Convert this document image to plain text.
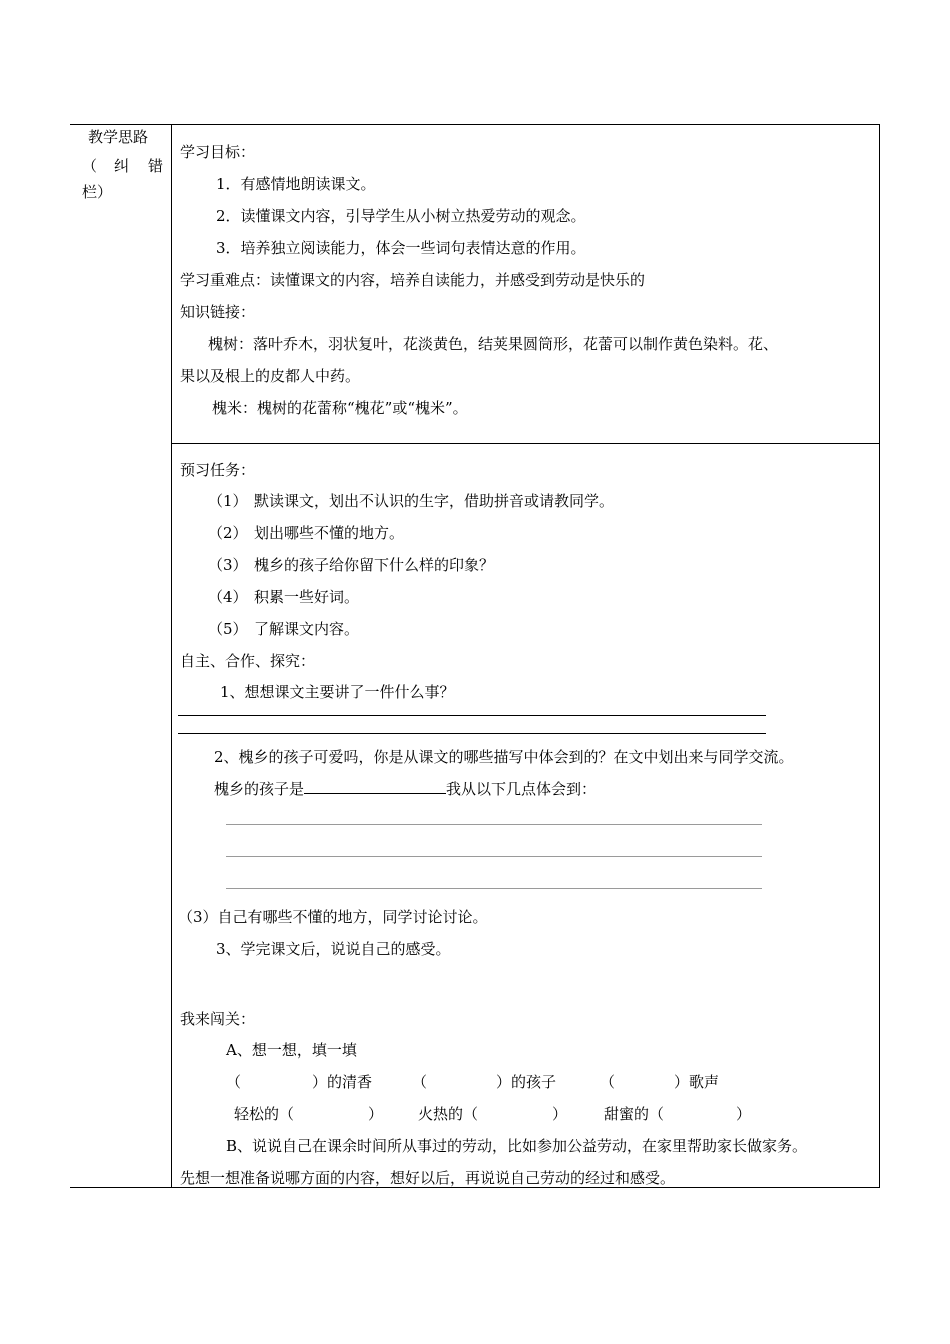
教学思路
（ 纠 错
栏）
学习目标：
1．有感情地朗读课文。
2．读懂课文内容，引导学生从小树立热爱劳动的观念。
3．培养独立阅读能力，体会一些词句表情达意的作用。
学习重难点：读懂课文的内容，培养自读能力，并感受到劳动是快乐的
知识链接：
槐树：落叶乔木，羽状复叶，花淡黄色，结荚果圆筒形，花蕾可以制作黄色染料。花、
果以及根上的皮都人中药。
槐米：槐树的花蕾称“槐花”或“槐米”。
预习任务：
（1） 默读课文，划出不认识的生字，借助拼音或请教同学。
（2） 划出哪些不懂的地方。
（3） 槐乡的孩子给你留下什么样的印象？
（4） 积累一些好词。
（5） 了解课文内容。
自主、合作、探究：
1、想想课文主要讲了一件什么事？
2、槐乡的孩子可爱吗，你是从课文的哪些描写中体会到的？在文中划出来与同学交流。
槐乡的孩子是	我从以下几点体会到：
（3）自己有哪些不懂的地方，同学讨论讨论。
3、学完课文后，说说自己的感受。
我来闯关：
A、想一想，填一填
（	）的清香	（	）的孩子	（	）歌声
轻松的（	） 火热的（	） 甜蜜的（	）
B、说说自己在课余时间所从事过的劳动，比如参加公益劳动，在家里帮助家长做家务。
先想一想准备说哪方面的内容，想好以后，再说说自己劳动的经过和感受。
